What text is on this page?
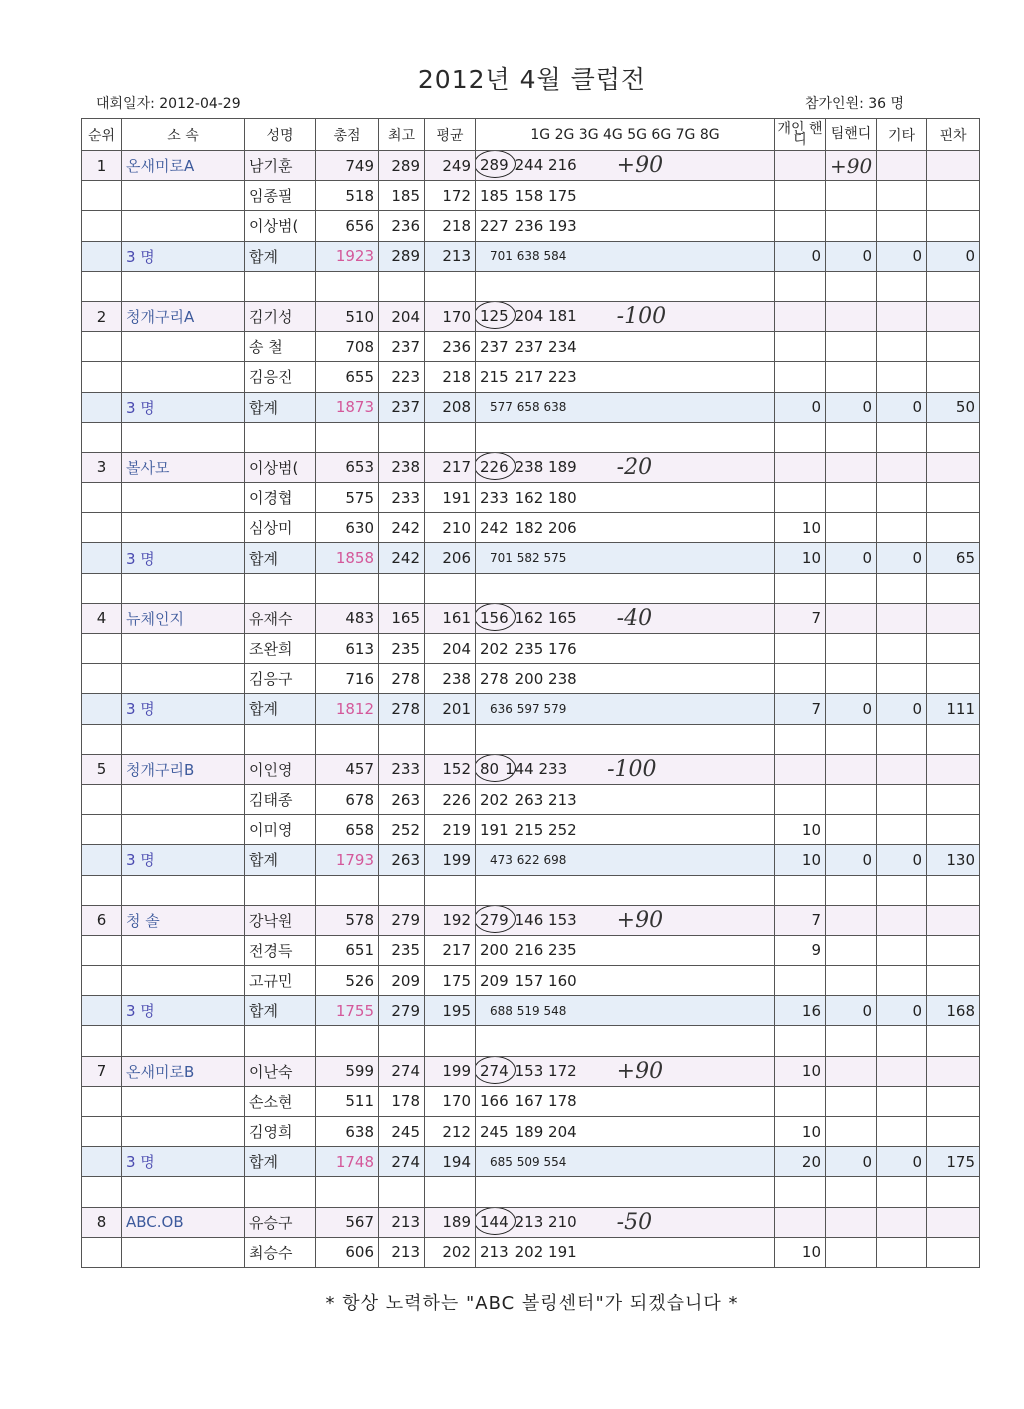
2012년 4월 클럽전
대회일자: 2012-04-29	참가인원: 36 명
순위	소 속	성명	총점	최고	평균	1G 2G 3G 4G 5G 6G 7G 8G	개인 핸디	팀핸디	기타	핀차
1	온새미로A	남기훈	749	289	249	289 244 216 +90		+90		
		임종필	518	185	172	185 158 175				
		이상범(	656	236	218	227 236 193				
	3 명	합계	1923	289	213	701 638 584	0	0	0	0

2	청개구리A	김기성	510	204	170	125 204 181 -100				
		송 철	708	237	236	237 237 234				
		김응진	655	223	218	215 217 223				
	3 명	합계	1873	237	208	577 658 638	0	0	0	50

3	볼사모	이상범(	653	238	217	226 238 189 -20				
		이경협	575	233	191	233 162 180				
		심상미	630	242	210	242 182 206	10			
	3 명	합계	1858	242	206	701 582 575	10	0	0	65

4	뉴체인지	유재수	483	165	161	156 162 165 -40	7			
		조완희	613	235	204	202 235 176				
		김응구	716	278	238	278 200 238				
	3 명	합계	1812	278	201	636 597 579	7	0	0	111

5	청개구리B	이인영	457	233	152	80 144 233 -100				
		김태종	678	263	226	202 263 213				
		이미영	658	252	219	191 215 252	10			
	3 명	합계	1793	263	199	473 622 698	10	0	0	130

6	청 솔	강낙원	578	279	192	279 146 153 +90	7			
		전경득	651	235	217	200 216 235	9			
		고규민	526	209	175	209 157 160				
	3 명	합계	1755	279	195	688 519 548	16	0	0	168

7	온새미로B	이난숙	599	274	199	274 153 172 +90	10			
		손소현	511	178	170	166 167 178				
		김영희	638	245	212	245 189 204	10			
	3 명	합계	1748	274	194	685 509 554	20	0	0	175

8	ABC.OB	유승구	567	213	189	144 213 210 -50				
		최승수	606	213	202	213 202 191	10			
* 항상 노력하는 "ABC 볼링센터"가 되겠습니다 *
